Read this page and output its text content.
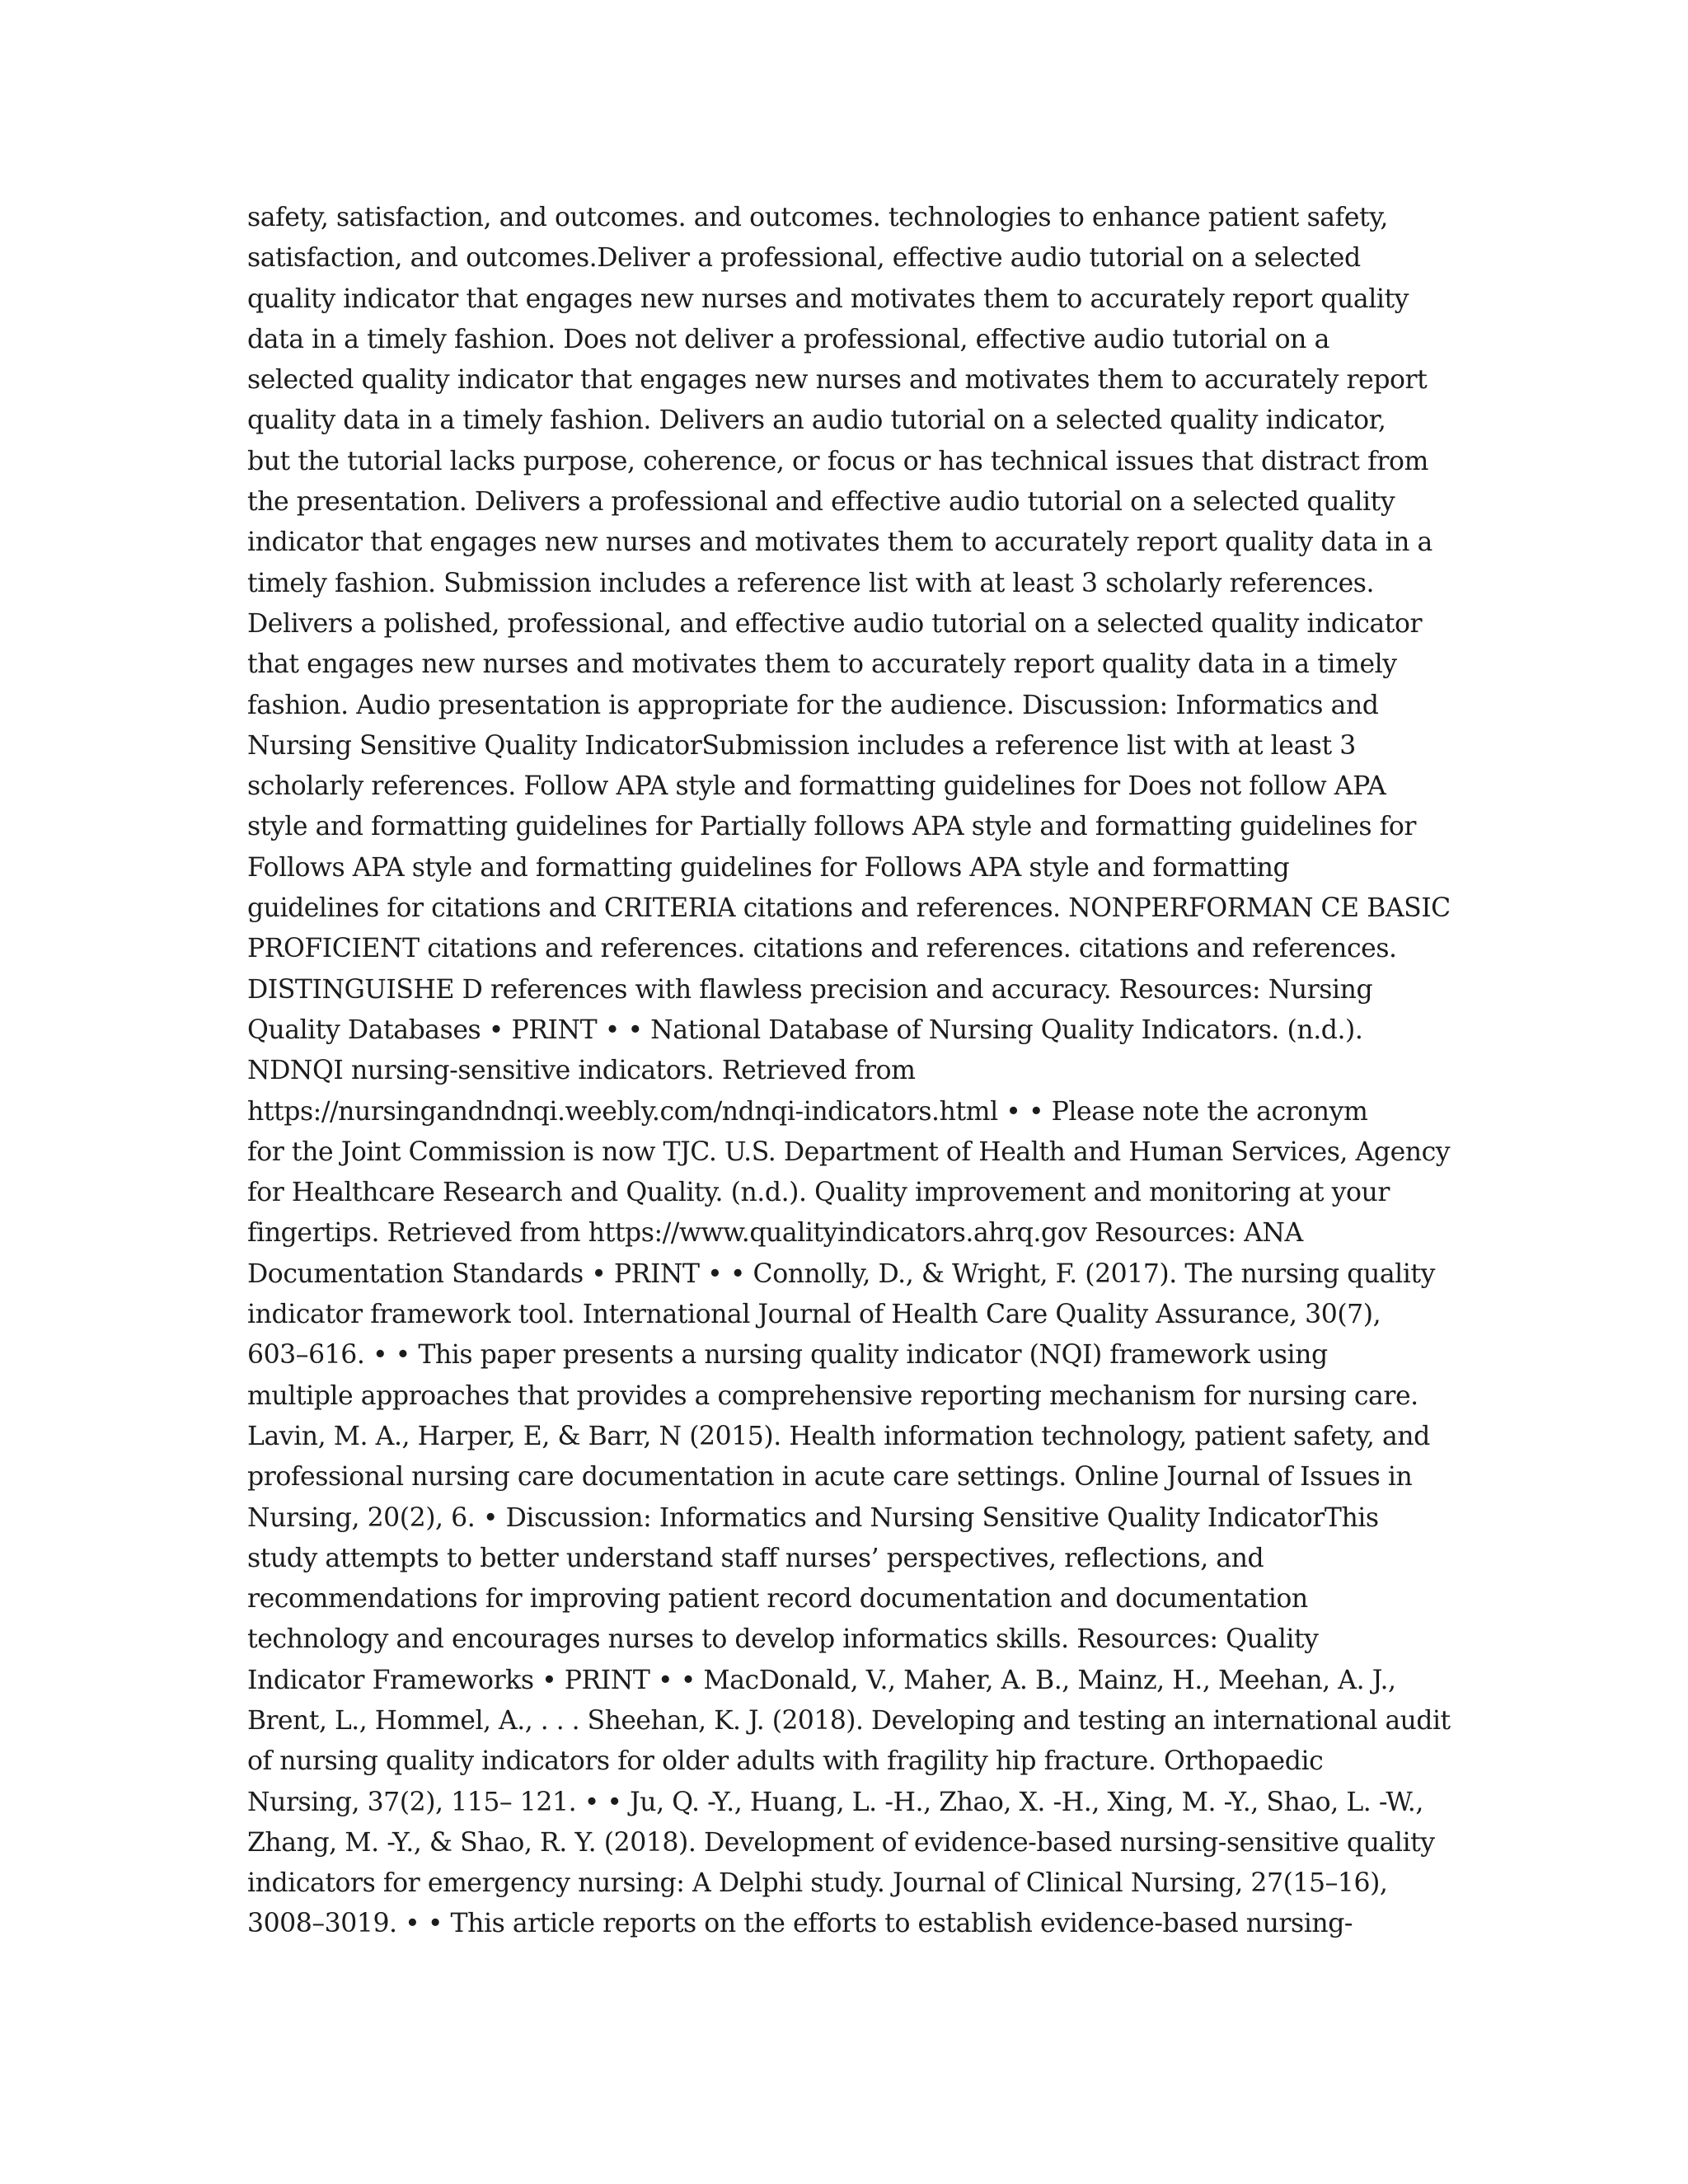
safety, satisfaction, and outcomes. and outcomes. technologies to enhance patient safety,
satisfaction, and outcomes.Deliver a professional, effective audio tutorial on a selected
quality indicator that engages new nurses and motivates them to accurately report quality
data in a timely fashion. Does not deliver a professional, effective audio tutorial on a
selected quality indicator that engages new nurses and motivates them to accurately report
quality data in a timely fashion. Delivers an audio tutorial on a selected quality indicator,
but the tutorial lacks purpose, coherence, or focus or has technical issues that distract from
the presentation. Delivers a professional and effective audio tutorial on a selected quality
indicator that engages new nurses and motivates them to accurately report quality data in a
timely fashion. Submission includes a reference list with at least 3 scholarly references.
Delivers a polished, professional, and effective audio tutorial on a selected quality indicator
that engages new nurses and motivates them to accurately report quality data in a timely
fashion. Audio presentation is appropriate for the audience. Discussion: Informatics and
Nursing Sensitive Quality IndicatorSubmission includes a reference list with at least 3
scholarly references. Follow APA style and formatting guidelines for Does not follow APA
style and formatting guidelines for Partially follows APA style and formatting guidelines for
Follows APA style and formatting guidelines for Follows APA style and formatting
guidelines for citations and CRITERIA citations and references. NONPERFORMAN CE BASIC
PROFICIENT citations and references. citations and references. citations and references.
DISTINGUISHE D references with flawless precision and accuracy. Resources: Nursing
Quality Databases • PRINT • • National Database of Nursing Quality Indicators. (n.d.).
NDNQI nursing-sensitive indicators. Retrieved from
https://nursingandndnqi.weebly.com/ndnqi-indicators.html • • Please note the acronym
for the Joint Commission is now TJC. U.S. Department of Health and Human Services, Agency
for Healthcare Research and Quality. (n.d.). Quality improvement and monitoring at your
fingertips. Retrieved from https://www.qualityindicators.ahrq.gov Resources: ANA
Documentation Standards • PRINT • • Connolly, D., & Wright, F. (2017). The nursing quality
indicator framework tool. International Journal of Health Care Quality Assurance, 30(7),
603–616. • • This paper presents a nursing quality indicator (NQI) framework using
multiple approaches that provides a comprehensive reporting mechanism for nursing care.
Lavin, M. A., Harper, E, & Barr, N (2015). Health information technology, patient safety, and
professional nursing care documentation in acute care settings. Online Journal of Issues in
Nursing, 20(2), 6. • Discussion: Informatics and Nursing Sensitive Quality IndicatorThis
study attempts to better understand staff nurses’ perspectives, reflections, and
recommendations for improving patient record documentation and documentation
technology and encourages nurses to develop informatics skills. Resources: Quality
Indicator Frameworks • PRINT • • MacDonald, V., Maher, A. B., Mainz, H., Meehan, A. J.,
Brent, L., Hommel, A., . . . Sheehan, K. J. (2018). Developing and testing an international audit
of nursing quality indicators for older adults with fragility hip fracture. Orthopaedic
Nursing, 37(2), 115– 121. • • Ju, Q. -Y., Huang, L. -H., Zhao, X. -H., Xing, M. -Y., Shao, L. -W.,
Zhang, M. -Y., & Shao, R. Y. (2018). Development of evidence-based nursing-sensitive quality
indicators for emergency nursing: A Delphi study. Journal of Clinical Nursing, 27(15–16),
3008–3019. • • This article reports on the efforts to establish evidence-based nursing-
